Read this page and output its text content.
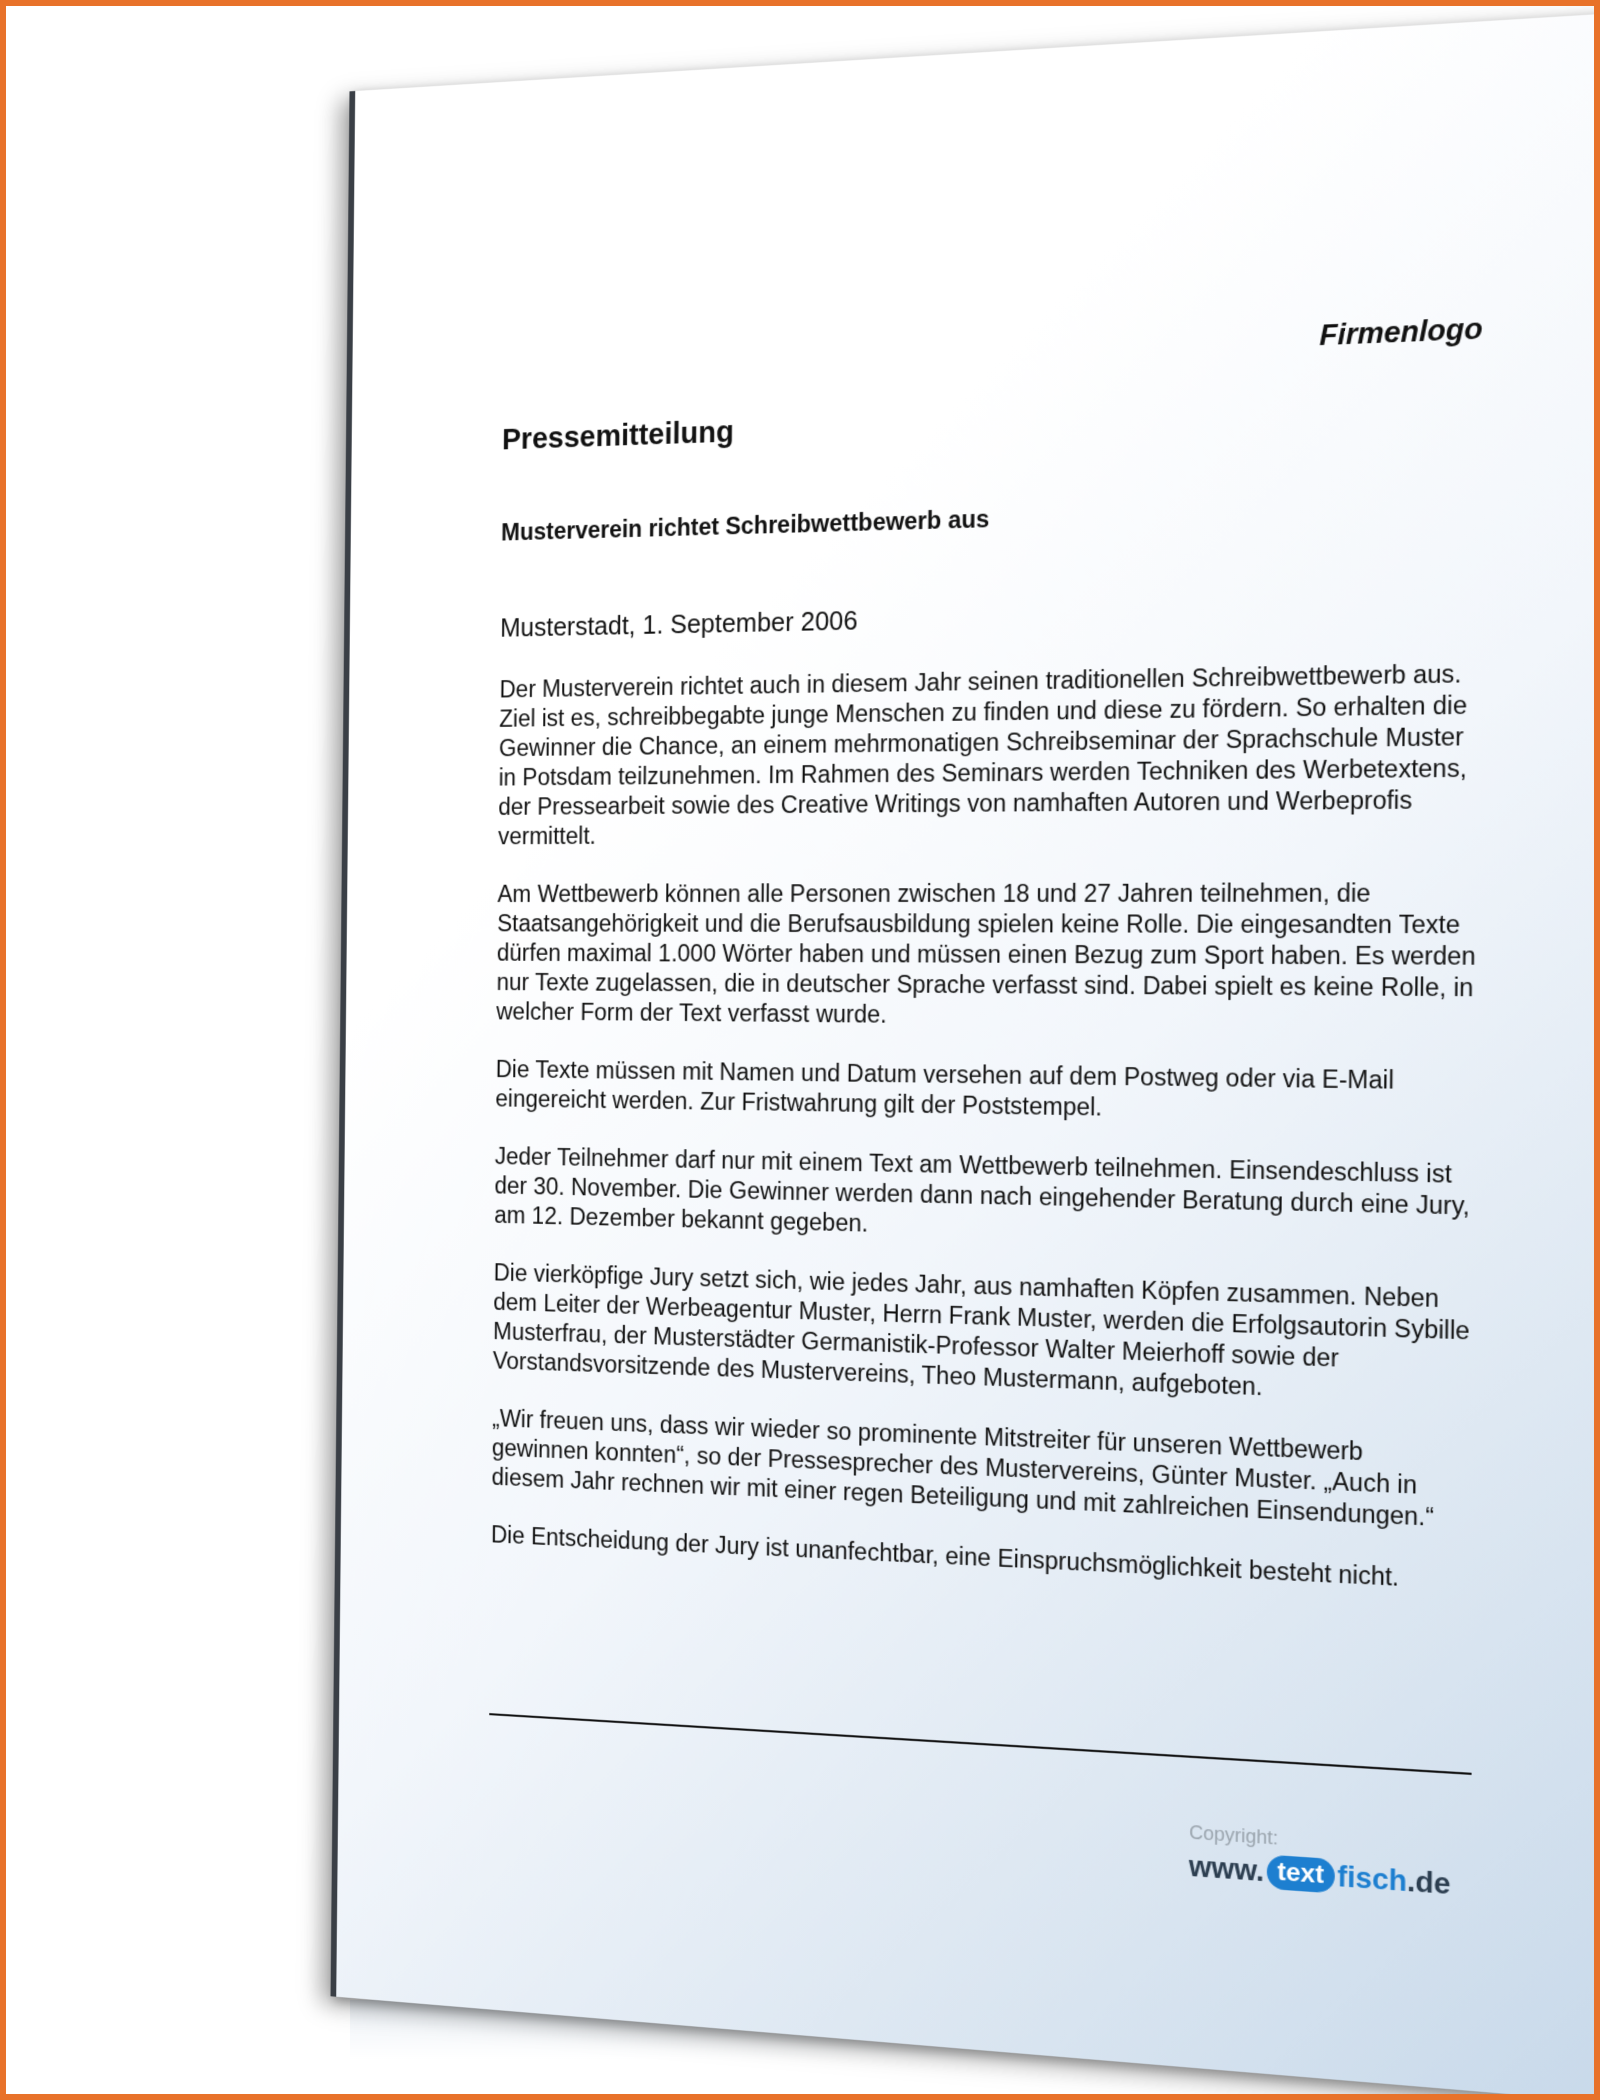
Firmenlogo
Pressemitteilung
Musterverein richtet Schreibwettbewerb aus
Musterstadt, 1. September 2006

Der Musterverein richtet auch in diesem Jahr seinen traditionellen Schreibwettbewerb aus. Ziel ist es, schreibbegabte junge Menschen zu finden und diese zu fördern. So erhalten die Gewinner die Chance, an einem mehrmonatigen Schreibseminar der Sprachschule Muster in Potsdam teilzunehmen. Im Rahmen des Seminars werden Techniken des Werbetextens, der Pressearbeit sowie des Creative Writings von namhaften Autoren und Werbeprofis vermittelt.

Am Wettbewerb können alle Personen zwischen 18 und 27 Jahren teilnehmen, die Staatsangehörigkeit und die Berufsausbildung spielen keine Rolle. Die eingesandten Texte dürfen maximal 1.000 Wörter haben und müssen einen Bezug zum Sport haben. Es werden nur Texte zugelassen, die in deutscher Sprache verfasst sind. Dabei spielt es keine Rolle, in welcher Form der Text verfasst wurde.

Die Texte müssen mit Namen und Datum versehen auf dem Postweg oder via E-Mail eingereicht werden. Zur Fristwahrung gilt der Poststempel.

Jeder Teilnehmer darf nur mit einem Text am Wettbewerb teilnehmen. Einsendeschluss ist der 30. November. Die Gewinner werden dann nach eingehender Beratung durch eine Jury, am 12. Dezember bekannt gegeben.

Die vierköpfige Jury setzt sich, wie jedes Jahr, aus namhaften Köpfen zusammen. Neben dem Leiter der Werbeagentur Muster, Herrn Frank Muster, werden die Erfolgsautorin Sybille Musterfrau, der Musterstädter Germanistik-Professor Walter Meierhoff sowie der Vorstandsvorsitzende des Mustervereins, Theo Mustermann, aufgeboten.

„Wir freuen uns, dass wir wieder so prominente Mitstreiter für unseren Wettbewerb gewinnen konnten“, so der Pressesprecher des Mustervereins, Günter Muster. „Auch in diesem Jahr rechnen wir mit einer regen Beteiligung und mit zahlreichen Einsendungen.“

Die Entscheidung der Jury ist unanfechtbar, eine Einspruchsmöglichkeit besteht nicht.

Copyright:
www. text fisch .de
